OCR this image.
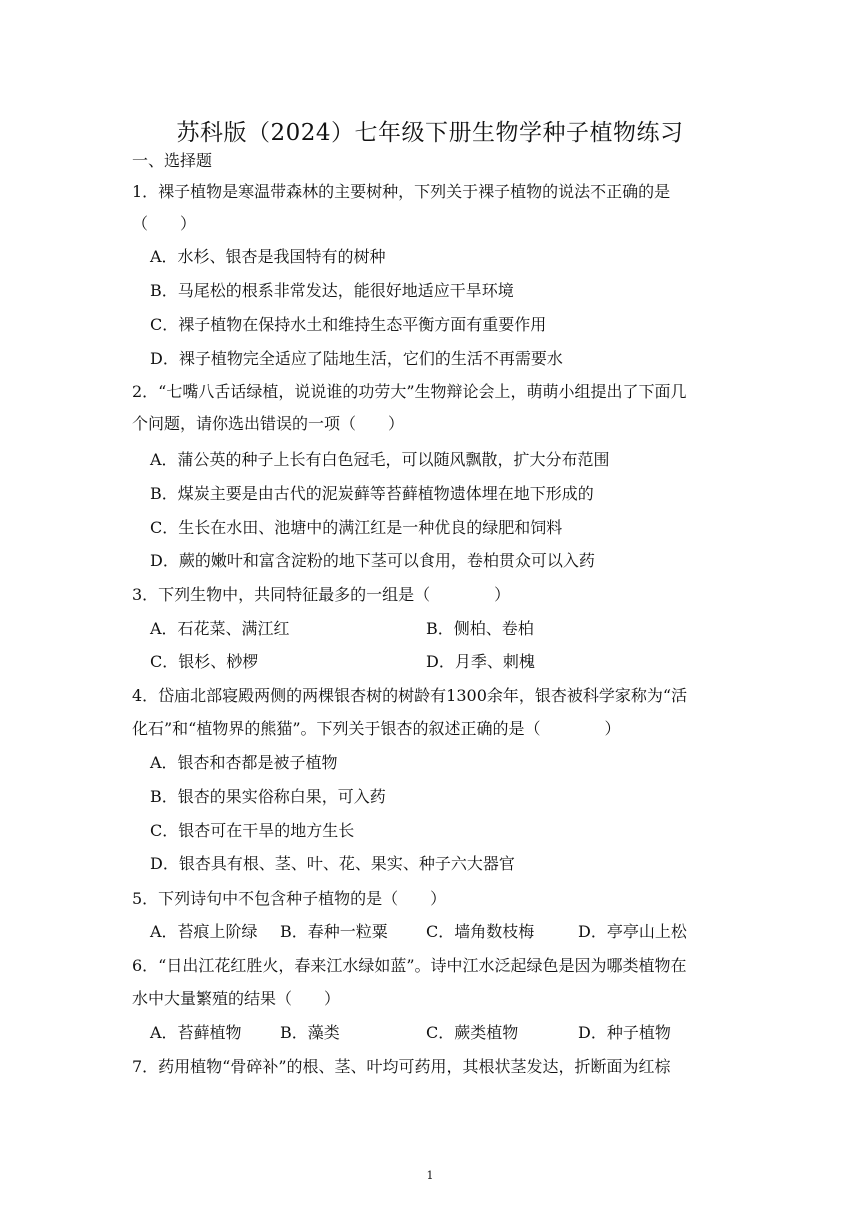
苏科版（2024）七年级下册生物学种子植物练习
一、选择题
1．裸子植物是寒温带森林的主要树种，下列关于裸子植物的说法不正确的是
（　　）
A．水杉、银杏是我国特有的树种
B．马尾松的根系非常发达，能很好地适应干旱环境
C．裸子植物在保持水土和维持生态平衡方面有重要作用
D．裸子植物完全适应了陆地生活，它们的生活不再需要水
2．“七嘴八舌话绿植，说说谁的功劳大”生物辩论会上，萌萌小组提出了下面几
个问题，请你选出错误的一项（　　）
A．蒲公英的种子上长有白色冠毛，可以随风飘散，扩大分布范围
B．煤炭主要是由古代的泥炭藓等苔藓植物遗体埋在地下形成的
C．生长在水田、池塘中的满江红是一种优良的绿肥和饲料
D．蕨的嫩叶和富含淀粉的地下茎可以食用，卷柏贯众可以入药
3．下列生物中，共同特征最多的一组是（　　　　）
A．石花菜、满江红	B．侧柏、卷柏
C．银杉、桫椤	D．月季、刺槐
4．岱庙北部寝殿两侧的两棵银杏树的树龄有1300余年，银杏被科学家称为“活
化石”和“植物界的熊猫”。下列关于银杏的叙述正确的是（　　　　）
A．银杏和杏都是被子植物
B．银杏的果实俗称白果，可入药
C．银杏可在干旱的地方生长
D．银杏具有根、茎、叶、花、果实、种子六大器官
5．下列诗句中不包含种子植物的是（　　）
A．苔痕上阶绿 B．春种一粒粟 C．墙角数枝梅	D．亭亭山上松
6．“日出江花红胜火，春来江水绿如蓝”。诗中江水泛起绿色是因为哪类植物在
水中大量繁殖的结果（　　）
A．苔藓植物 B．藻类	C．蕨类植物	D．种子植物
7．药用植物“骨碎补”的根、茎、叶均可药用，其根状茎发达，折断面为红棕
1
